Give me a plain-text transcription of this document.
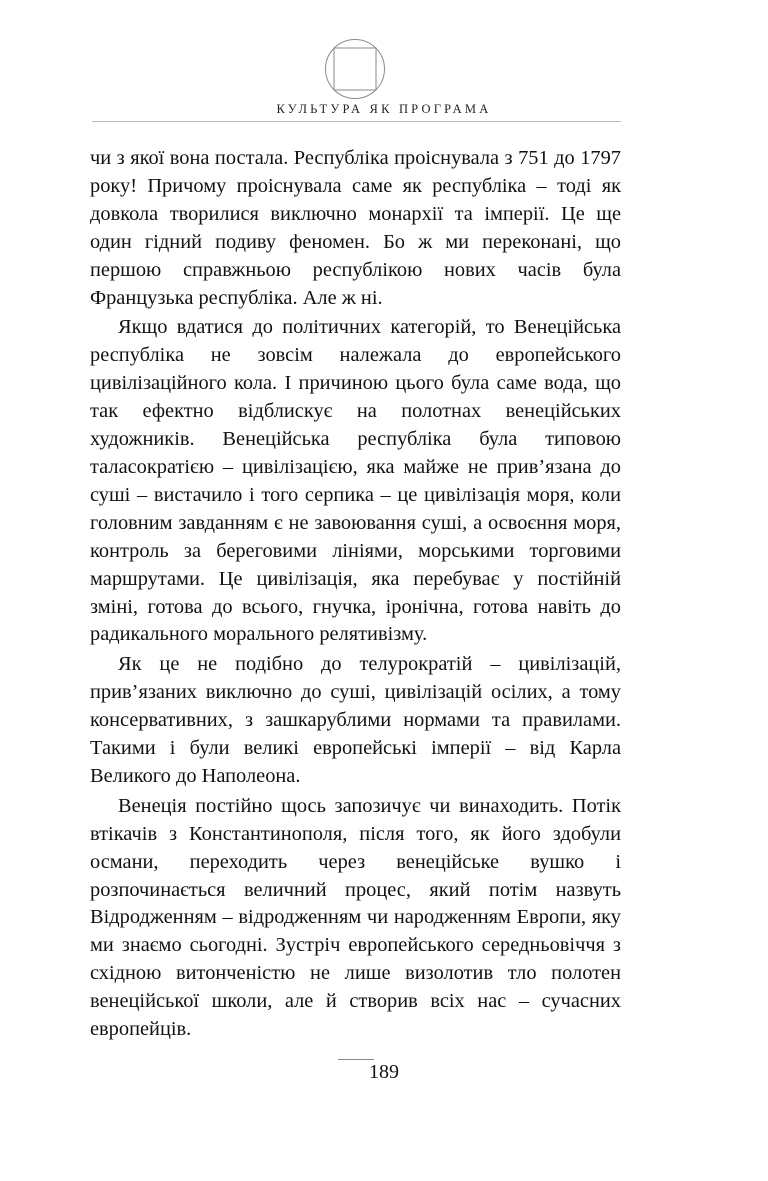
КУЛЬТУРА ЯК ПРОГРАМА

чи з якої вона постала. Республіка проіснувала з 751 до 1797 року! Причому проіснувала саме як республіка – тоді як довкола творилися виключно монархії та імперії. Це ще один гідний подиву феномен. Бо ж ми переконані, що першою справжньою республікою нових часів була Французька республіка. Але ж ні.

Якщо вдатися до політичних категорій, то Венеційська республіка не зовсім належала до европейського цивілізаційного кола. І причиною цього була саме вода, що так ефектно відблискує на полотнах венеційських художників. Венеційська республіка була типовою таласократією – цивілізацією, яка майже не прив’язана до суші – вистачило і того серпика – це цивілізація моря, коли головним завданням є не завоювання суші, а освоєння моря, контроль за береговими лініями, морськими торговими маршрутами. Це цивілізація, яка перебуває у постійній зміні, готова до всього, гнучка, іронічна, готова навіть до радикального морального релятивізму.

Як це не подібно до телурократій – цивілізацій, прив’язаних виключно до суші, цивілізацій осілих, а тому консервативних, з зашкарублими нормами та правилами. Такими і були великі европейські імперії – від Карла Великого до Наполеона.

Венеція постійно щось запозичує чи винаходить. Потік втікачів з Константинополя, після того, як його здобули османи, переходить через венеційське вушко і розпочинається величний процес, який потім назвуть Відродженням – відродженням чи народженням Европи, яку ми знаємо сьогодні. Зустріч европейського середньовіччя з східною витонченістю не лише визолотив тло полотен венеційської школи, але й створив всіх нас – сучасних европейців.

189
